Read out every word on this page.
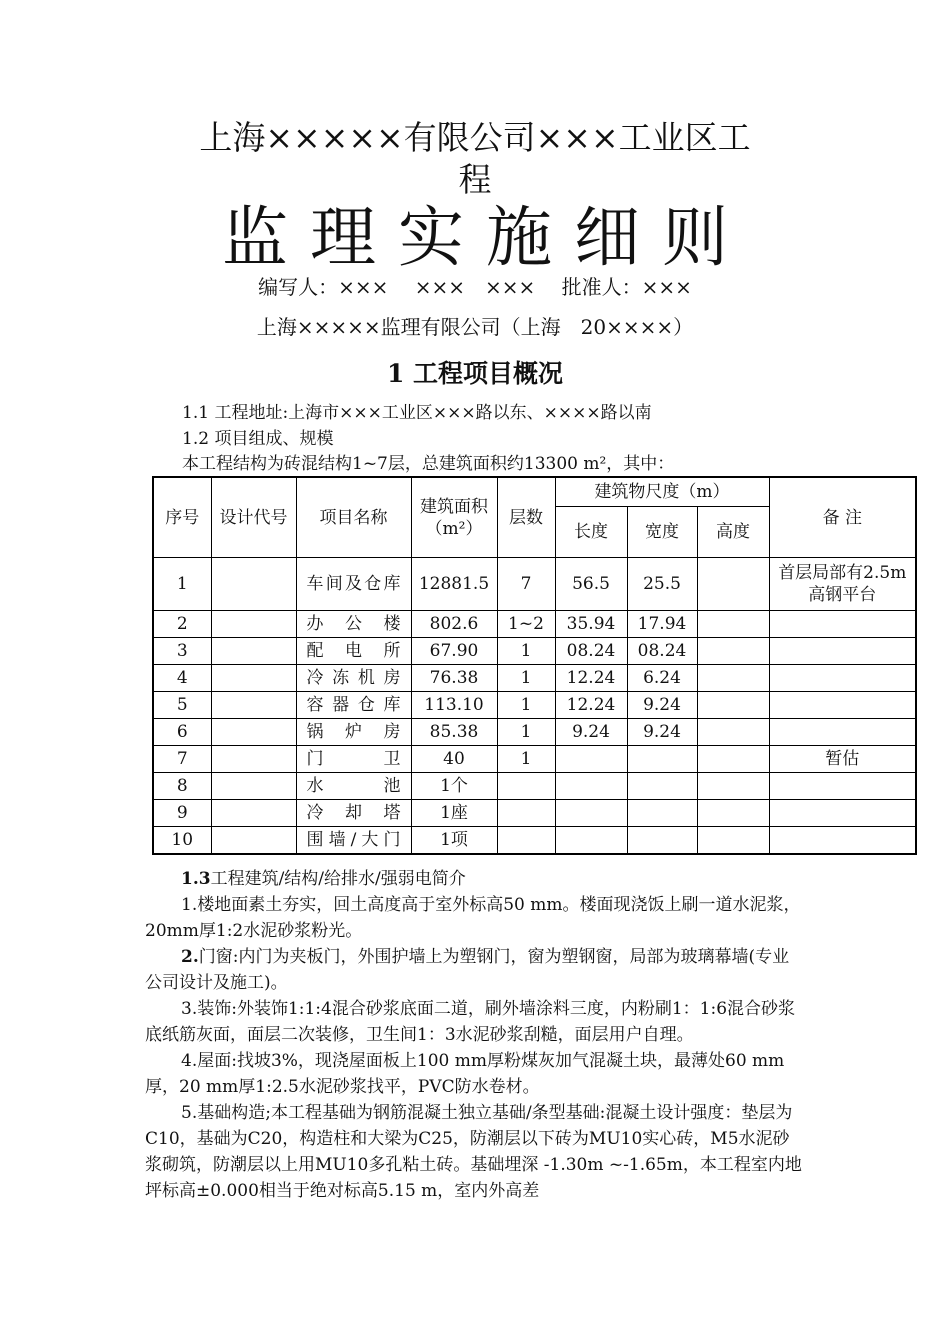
上海×××××有限公司×××工业区工
程
监理实施细则
编写人：×××　 ×××　×××　 批准人：×××
上海×××××监理有限公司（上海　20××××）
1 工程项目概况
1.1 工程地址:上海市×××工业区×××路以东、××××路以南
1.2 项目组成、规模
本工程结构为砖混结构1~7层，总建筑面积约13300 m²，其中：
序号	设计代号	项目名称	建筑面积
（m²）	层数	建筑物尺度（m）			备 注
					长度	宽度	高度	
1		车间及仓库	12881.5	7	56.5	25.5		首层局部有2.5m高钢平台
2		办公楼	802.6	1~2	35.94	17.94		
3		配电所	67.90	1	08.24	08.24		
4		冷冻机房	76.38	1	12.24	6.24		
5		容器仓库	113.10	1	12.24	9.24		
6		锅炉房	85.38	1	9.24	9.24		
7		门卫	40	1				暂估
8		水池	1个					
9		冷却塔	1座					
10		围墙/大门	1项					

1.3工程建筑/结构/给排水/强弱电简介

1.楼地面素土夯实，回土高度高于室外标高50 mm。楼面现浇饭上刷一道水泥浆，20mm厚1:2水泥砂浆粉光。

2.门窗:内门为夹板门，外围护墙上为塑钢门，窗为塑钢窗，局部为玻璃幕墙(专业公司设计及施工)。

3.装饰:外装饰1:1:4混合砂浆底面二道，刷外墙涂料三度，内粉刷1：1:6混合砂浆底纸筋灰面，面层二次装修，卫生间1：3水泥砂浆刮糙，面层用户自理。

4.屋面:找坡3%，现浇屋面板上100 mm厚粉煤灰加气混凝土块，最薄处60 mm厚，20 mm厚1:2.5水泥砂浆找平，PVC防水卷材。

5.基础构造;本工程基础为钢筋混凝土独立基础/条型基础:混凝土设计强度：垫层为C10，基础为C20，构造柱和大梁为C25，防潮层以下砖为MU10实心砖，M5水泥砂浆砌筑，防潮层以上用MU10多孔粘土砖。基础埋深 -1.30m ~-1.65m，本工程室内地坪标高±0.000相当于绝对标高5.15 m，室内外高差
